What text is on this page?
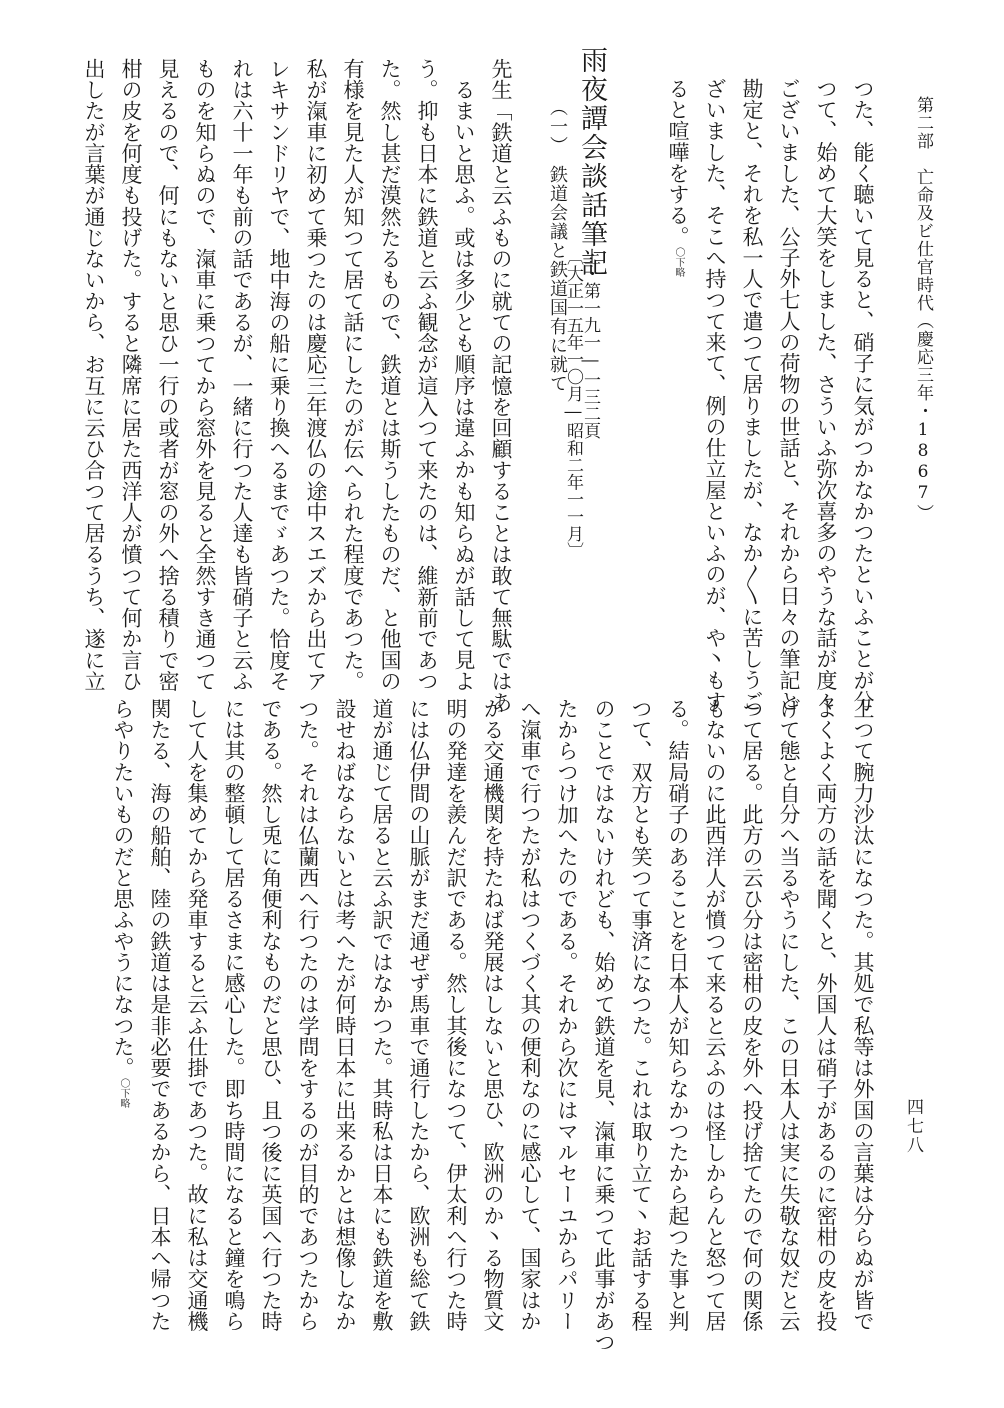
第二部　亡命及ビ仕官時代（慶応三年・1867）
四七八
つた、能く聴いて見ると、硝子に気がつかなかつたといふことが分
つて、始めて大笑をしました、さういふ弥次喜多のやうな話が度々
ございました、公子外七人の荷物の世話と、それから日々の筆記と
勘定と、それを私一人で遣つて居りましたが、なか〳〵に苦しうご
ざいました、そこへ持つて来て、例の仕立屋といふのが、や丶もす
ると喧嘩をする。〇下略
雨夜譚会談話筆記
（一）　鉄道会議と鉄道国有に就て 上・第一九一―一三二頁
〔大正一五年一〇月―昭和二年一一月〕
先生「鉄道と云ふものに就ての記憶を回顧することは敢て無駄ではあ
るまいと思ふ。或は多少とも順序は違ふかも知らぬが話して見よ
う。抑も日本に鉄道と云ふ観念が這入つて来たのは、維新前であつ
た。然し甚だ漠然たるもので、鉄道とは斯うしたものだ、と他国の
有様を見た人が知つて居て話にしたのが伝へられた程度であつた。
私が滊車に初めて乗つたのは慶応三年渡仏の途中スエズから出てア
レキサンドリヤで、地中海の船に乗り換へるまでゞあつた。恰度そ
れは六十一年も前の話であるが、一緒に行つた人達も皆硝子と云ふ
ものを知らぬので、滊車に乗つてから窓外を見ると全然すき通つて
見えるので、何にもないと思ひ一行の或者が窓の外へ捨る積りで密
柑の皮を何度も投げた。すると隣席に居た西洋人が憤つて何か言ひ
出したが言葉が通じないから、お互に云ひ合つて居るうち、遂に立
上つて腕力沙汰になつた。其処で私等は外国の言葉は分らぬが皆で
よくよく両方の話を聞くと、外国人は硝子があるのに密柑の皮を投
げて態と自分へ当るやうにした、この日本人は実に失敬な奴だと云
つて居る。此方の云ひ分は密柑の皮を外へ投げ捨てたので何の関係
もないのに此西洋人が憤つて来ると云ふのは怪しからんと怒つて居
る。結局硝子のあることを日本人が知らなかつたから起つた事と判
つて、双方とも笑つて事済になつた。これは取り立て丶お話する程
のことではないけれども、始めて鉄道を見、滊車に乗つて此事があつ
たからつけ加へたのである。それから次にはマルセーユからパリー
へ滊車で行つたが私はつくづく其の便利なのに感心して、国家はか
かる交通機関を持たねば発展はしないと思ひ、欧洲のか丶る物質文
明の発達を羨んだ訳である。然し其後になつて、伊太利へ行つた時
には仏伊間の山脈がまだ通ぜず馬車で通行したから、欧洲も総て鉄
道が通じて居ると云ふ訳ではなかつた。其時私は日本にも鉄道を敷
設せねばならないとは考へたが何時日本に出来るかとは想像しなか
つた。それは仏蘭西へ行つたのは学問をするのが目的であつたから
である。然し兎に角便利なものだと思ひ、且つ後に英国へ行つた時
には其の整頓して居るさまに感心した。即ち時間になると鐘を鳴ら
して人を集めてから発車すると云ふ仕掛であつた。故に私は交通機
関たる、海の船舶、陸の鉄道は是非必要であるから、日本へ帰つた
らやりたいものだと思ふやうになつた。〇下略
